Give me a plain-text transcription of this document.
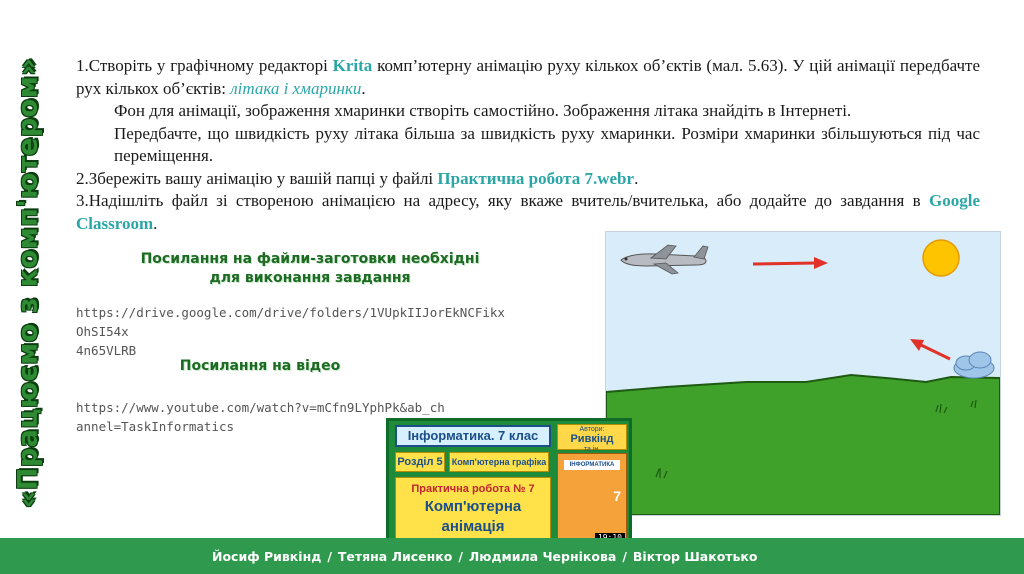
«Працюємо з комп'ютером» 1.Створіть у графічному редакторі Krita комп’ютерну анімацію руху кількох об’єктів (мал. 5.63). У цій анімації передбачте рух кількох об’єктів: літака і хмаринки.

Фон для анімації, зображення хмаринки створіть самостійно. Зображення літака знайдіть в Інтернеті.

Передбачте, що швидкість руху літака більша за швидкість руху хмаринки. Розміри хмаринки збільшуються під час переміщення.

2.Збережіть вашу анімацію у вашій папці у файлі Практична робота 7.webr.

3.Надішліть файл зі створеною анімацією на адресу, яку вкаже вчитель/вчителька, або додайте до завдання в Google Classroom.

Посилання на файли-заготовки необхідні
для виконання завдання
https://drive.google.com/drive/folders/1VUpkIIJorEkNCFikxOhSI54x
4n65VLRB
Посилання на відео
https://www.youtube.com/watch?v=mCfn9LYphPk&ab_ch
annel=TaskInformatics
Інформатика. 7 клас	Автори:
Ривкінд
та ін.
Розділ 5	Комп'ютерна графіка
Практична робота № 7
Комп'ютерна
анімація
ІНФОРМАТИКА
7
Йосиф Ривкінд / Тетяна Лисенко / Людмила Чернікова / Віктор Шакотько
